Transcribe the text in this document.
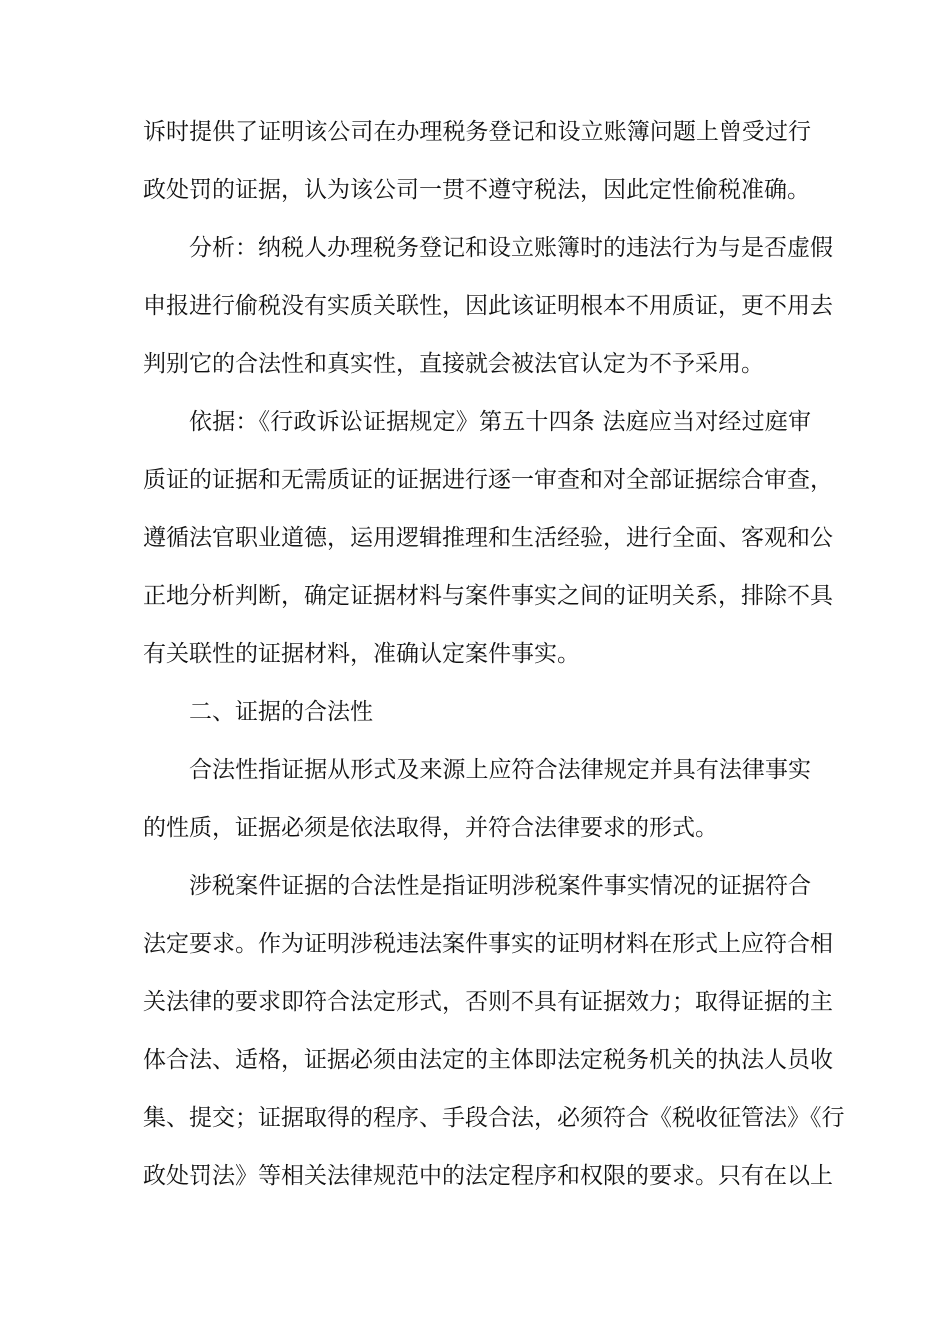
诉时提供了证明该公司在办理税务登记和设立账簿问题上曾受过行
政处罚的证据，认为该公司一贯不遵守税法，因此定性偷税准确。
分析：纳税人办理税务登记和设立账簿时的违法行为与是否虚假
申报进行偷税没有实质关联性，因此该证明根本不用质证，更不用去
判别它的合法性和真实性，直接就会被法官认定为不予采用。
依据：《行政诉讼证据规定》第五十四条 法庭应当对经过庭审
质证的证据和无需质证的证据进行逐一审查和对全部证据综合审查，
遵循法官职业道德，运用逻辑推理和生活经验，进行全面、客观和公
正地分析判断，确定证据材料与案件事实之间的证明关系，排除不具
有关联性的证据材料，准确认定案件事实。
二、证据的合法性
合法性指证据从形式及来源上应符合法律规定并具有法律事实
的性质，证据必须是依法取得，并符合法律要求的形式。
涉税案件证据的合法性是指证明涉税案件事实情况的证据符合
法定要求。作为证明涉税违法案件事实的证明材料在形式上应符合相
关法律的要求即符合法定形式，否则不具有证据效力；取得证据的主
体合法、适格，证据必须由法定的主体即法定税务机关的执法人员收
集、提交；证据取得的程序、手段合法，必须符合《税收征管法》《行
政处罚法》等相关法律规范中的法定程序和权限的要求。只有在以上
